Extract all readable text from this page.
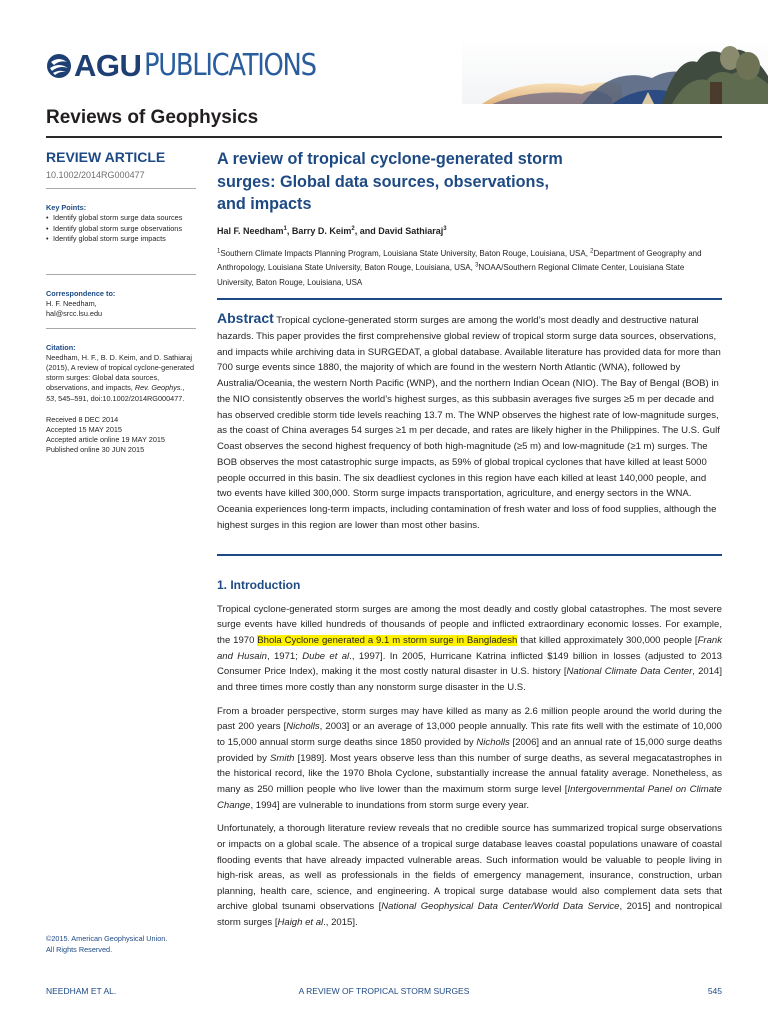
AGU PUBLICATIONS
Reviews of Geophysics
REVIEW ARTICLE
10.1002/2014RG000477
Key Points:
• Identify global storm surge data sources
• Identify global storm surge observations
• Identify global storm surge impacts
Correspondence to:
H. F. Needham,
hal@srcc.lsu.edu
Citation:
Needham, H. F., B. D. Keim, and D. Sathiaraj (2015), A review of tropical cyclone-generated storm surges: Global data sources, observations, and impacts, Rev. Geophys., 53, 545–591, doi:10.1002/2014RG000477.
Received 8 DEC 2014
Accepted 15 MAY 2015
Accepted article online 19 MAY 2015
Published online 30 JUN 2015
©2015. American Geophysical Union.
All Rights Reserved.
A review of tropical cyclone-generated storm
surges: Global data sources, observations,
and impacts
Hal F. Needham$^1$, Barry D. Keim$^2$, and David Sathiaraj$^3$
$^1$Southern Climate Impacts Planning Program, Louisiana State University, Baton Rouge, Louisiana, USA, $^2$Department of Geography and Anthropology, Louisiana State University, Baton Rouge, Louisiana, USA, $^3$NOAA/Southern Regional Climate Center, Louisiana State University, Baton Rouge, Louisiana, USA
Abstract Tropical cyclone-generated storm surges are among the world’s most deadly and destructive natural hazards. This paper provides the first comprehensive global review of tropical storm surge data sources, observations, and impacts while archiving data in SURGEDAT, a global database. Available literature has provided data for more than 700 surge events since 1880, the majority of which are found in the western North Atlantic (WNA), followed by Australia/Oceania, the western North Pacific (WNP), and the northern Indian Ocean (NIO). The Bay of Bengal (BOB) in the NIO consistently observes the world’s highest surges, as this subbasin averages five surges ≥5 m per decade and has observed credible storm tide levels reaching 13.7 m. The WNP observes the highest rate of low-magnitude surges, as the coast of China averages 54 surges ≥1 m per decade, and rates are likely higher in the Philippines. The U.S. Gulf Coast observes the second highest frequency of both high-magnitude (≥5 m) and low-magnitude (≥1 m) surges. The BOB observes the most catastrophic surge impacts, as 59% of global tropical cyclones that have killed at least 5000 people occurred in this basin. The six deadliest cyclones in this region have each killed at least 140,000 people, and two events have killed 300,000. Storm surge impacts transportation, agriculture, and energy sectors in the WNA. Oceania experiences long-term impacts, including contamination of fresh water and loss of food supplies, although the highest surges in this region are lower than most other basins.
1. Introduction

Tropical cyclone-generated storm surges are among the most deadly and costly global catastrophes. The most severe surge events have killed hundreds of thousands of people and inflicted extraordinary economic losses. For example, the 1970 Bhola Cyclone generated a 9.1 m storm surge in Bangladesh that killed approximately 300,000 people [Frank and Husain, 1971; Dube et al., 1997]. In 2005, Hurricane Katrina inflicted $149 billion in losses (adjusted to 2013 Consumer Price Index), making it the most costly natural disaster in U.S. history [National Climate Data Center, 2014] and three times more costly than any nonstorm surge disaster in the U.S.

From a broader perspective, storm surges may have killed as many as 2.6 million people around the world during the past 200 years [Nicholls, 2003] or an average of 13,000 people annually. This rate fits well with the estimate of 10,000 to 15,000 annual storm surge deaths since 1850 provided by Nicholls [2006] and an annual rate of 15,000 surge deaths provided by Smith [1989]. Most years observe less than this number of surge deaths, as several megacatastrophes in the historical record, like the 1970 Bhola Cyclone, substantially increase the annual fatality average. Nonetheless, as many as 250 million people who live lower than the maximum storm surge level [Intergovernmental Panel on Climate Change, 1994] are vulnerable to inundations from storm surge every year.

Unfortunately, a thorough literature review reveals that no credible source has summarized tropical surge observations or impacts on a global scale. The absence of a tropical surge database leaves coastal populations unaware of coastal flooding events that have already impacted vulnerable areas. Such information would be valuable to people living in high-risk areas, as well as professionals in the fields of emergency management, insurance, construction, urban planning, health care, science, and engineering. A tropical surge database would also complement data sets that archive global tsunami observations [National Geophysical Data Center/World Data Service, 2015] and nontropical storm surges [Haigh et al., 2015].

NEEDHAM ET AL.	A REVIEW OF TROPICAL STORM SURGES	545
